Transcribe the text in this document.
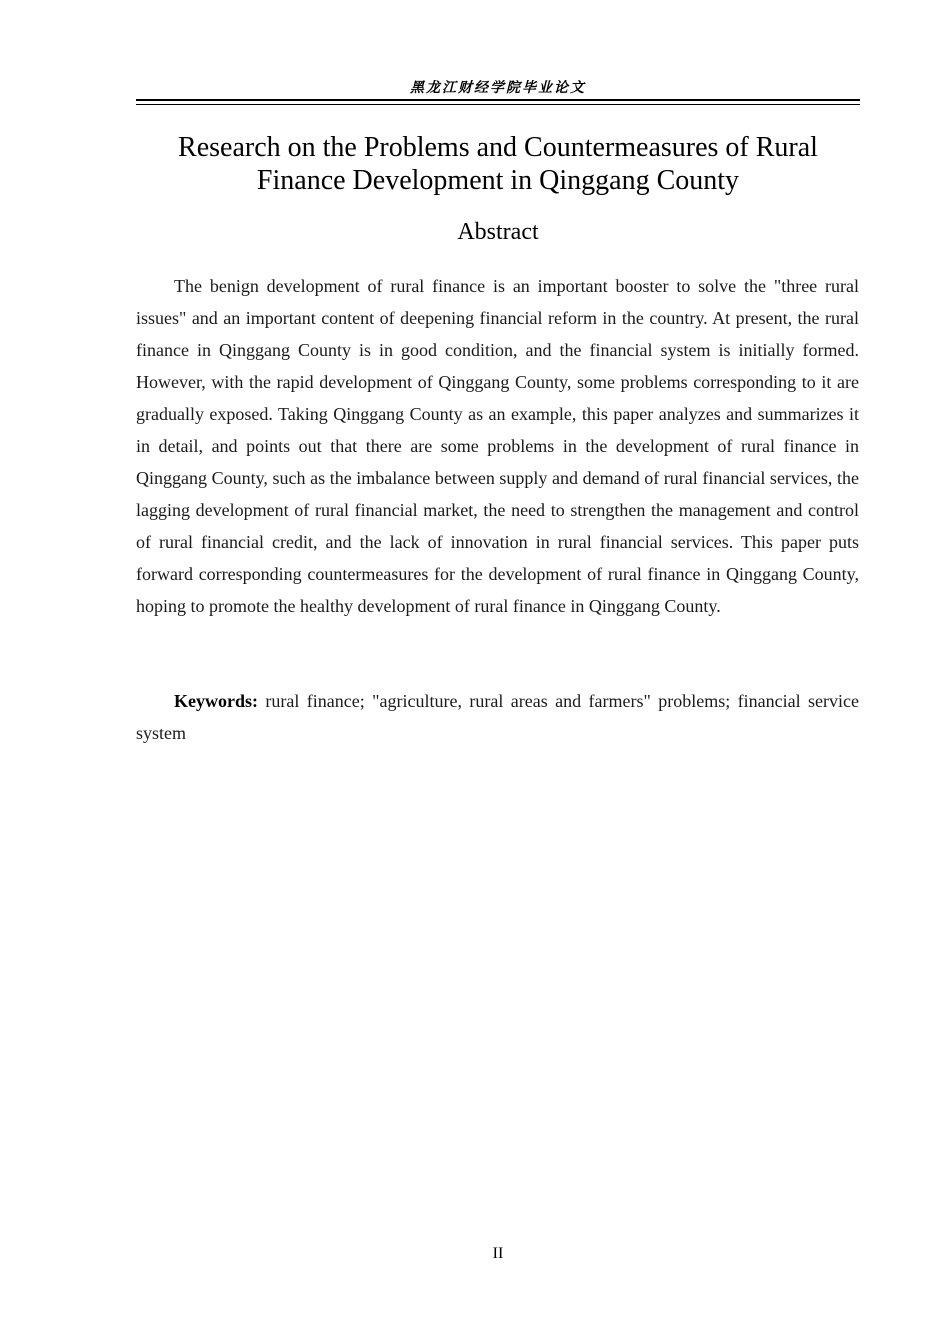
黑龙江财经学院毕业论文
Research on the Problems and Countermeasures of Rural Finance Development in Qinggang County
Abstract

The benign development of rural finance is an important booster to solve the "three rural issues" and an important content of deepening financial reform in the country. At present, the rural finance in Qinggang County is in good condition, and the financial system is initially formed. However, with the rapid development of Qinggang County, some problems corresponding to it are gradually exposed. Taking Qinggang County as an example, this paper analyzes and summarizes it in detail, and points out that there are some problems in the development of rural finance in Qinggang County, such as the imbalance between supply and demand of rural financial services, the lagging development of rural financial market, the need to strengthen the management and control of rural financial credit, and the lack of innovation in rural financial services. This paper puts forward corresponding countermeasures for the development of rural finance in Qinggang County, hoping to promote the healthy development of rural finance in Qinggang County.

Keywords: rural finance; "agriculture, rural areas and farmers" problems; financial service system

II
